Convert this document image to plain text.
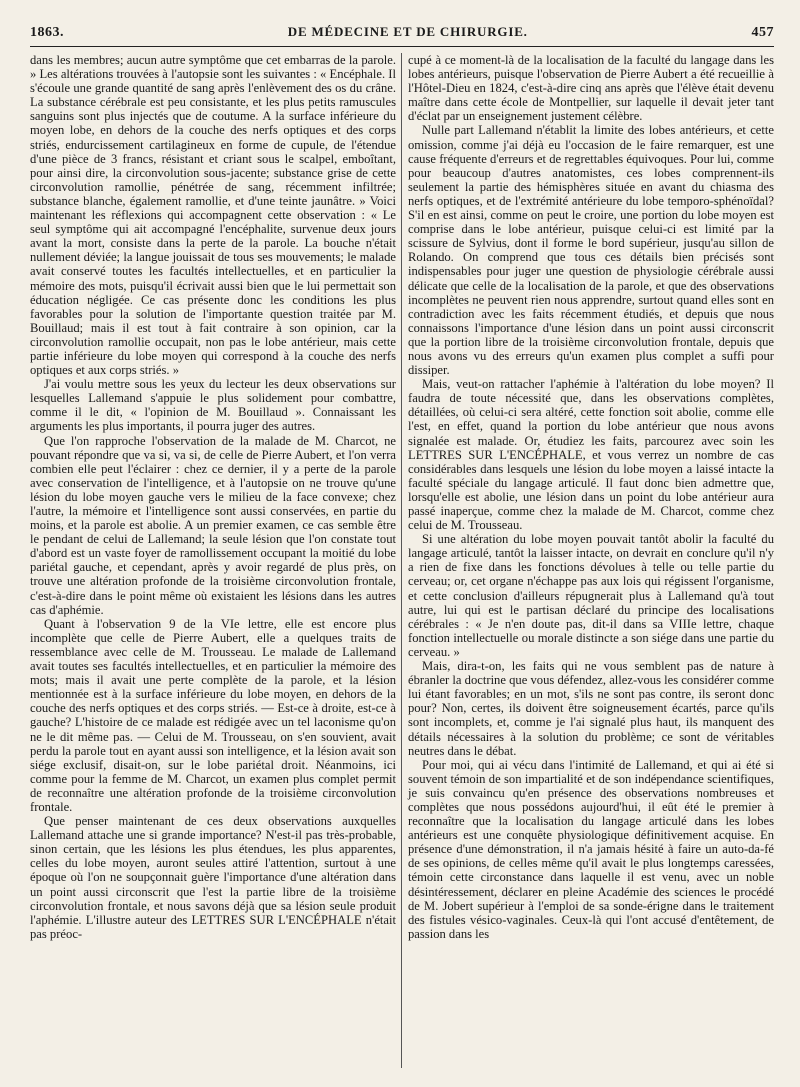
1863.	DE MÉDECINE ET DE CHIRURGIE.	457

dans les membres; aucun autre symptôme que cet embarras de la parole. » Les altérations trouvées à l'autopsie sont les suivantes : « Encéphale. Il s'écoule une grande quantité de sang après l'enlèvement des os du crâne. La substance cérébrale est peu consistante, et les plus petits ramuscules sanguins sont plus injectés que de coutume. A la surface inférieure du moyen lobe, en dehors de la couche des nerfs optiques et des corps striés, endurcissement cartilagineux en forme de cupule, de l'étendue d'une pièce de 3 francs, résistant et criant sous le scalpel, emboîtant, pour ainsi dire, la circonvolution sous-jacente; substance grise de cette circonvolution ramollie, pénétrée de sang, récemment infiltrée; substance blanche, également ramollie, et d'une teinte jaunâtre. » Voici maintenant les réflexions qui accompagnent cette observation : « Le seul symptôme qui ait accompagné l'encéphalite, survenue deux jours avant la mort, consiste dans la perte de la parole. La bouche n'était nullement déviée; la langue jouissait de tous ses mouvements; le malade avait conservé toutes les facultés intellectuelles, et en particulier la mémoire des mots, puisqu'il écrivait aussi bien que le lui permettait son éducation négligée. Ce cas présente donc les conditions les plus favorables pour la solution de l'importante question traitée par M. Bouillaud; mais il est tout à fait contraire à son opinion, car la circonvolution ramollie occupait, non pas le lobe antérieur, mais cette partie inférieure du lobe moyen qui correspond à la couche des nerfs optiques et aux corps striés. »

J'ai voulu mettre sous les yeux du lecteur les deux observations sur lesquelles Lallemand s'appuie le plus solidement pour combattre, comme il le dit, « l'opinion de M. Bouillaud ». Connaissant les arguments les plus importants, il pourra juger des autres.

Que l'on rapproche l'observation de la malade de M. Charcot, ne pouvant répondre que va si, va si, de celle de Pierre Aubert, et l'on verra combien elle peut l'éclairer : chez ce dernier, il y a perte de la parole avec conservation de l'intelligence, et à l'autopsie on ne trouve qu'une lésion du lobe moyen gauche vers le milieu de la face convexe; chez l'autre, la mémoire et l'intelligence sont aussi conservées, en partie du moins, et la parole est abolie. A un premier examen, ce cas semble être le pendant de celui de Lallemand; la seule lésion que l'on constate tout d'abord est un vaste foyer de ramollissement occupant la moitié du lobe pariétal gauche, et cependant, après y avoir regardé de plus près, on trouve une altération profonde de la troisième circonvolution frontale, c'est-à-dire dans le point même où existaient les lésions dans les autres cas d'aphémie.

Quant à l'observation 9 de la VIe lettre, elle est encore plus incomplète que celle de Pierre Aubert, elle a quelques traits de ressemblance avec celle de M. Trousseau. Le malade de Lallemand avait toutes ses facultés intellectuelles, et en particulier la mémoire des mots; mais il avait une perte complète de la parole, et la lésion mentionnée est à la surface inférieure du lobe moyen, en dehors de la couche des nerfs optiques et des corps striés. — Est-ce à droite, est-ce à gauche? L'histoire de ce malade est rédigée avec un tel laconisme qu'on ne le dit même pas. — Celui de M. Trousseau, on s'en souvient, avait perdu la parole tout en ayant aussi son intelligence, et la lésion avait son siége exclusif, disait-on, sur le lobe pariétal droit. Néanmoins, ici comme pour la femme de M. Charcot, un examen plus complet permit de reconnaître une altération profonde de la troisième circonvolution frontale.

Que penser maintenant de ces deux observations auxquelles Lallemand attache une si grande importance? N'est-il pas très-probable, sinon certain, que les lésions les plus étendues, les plus apparentes, celles du lobe moyen, auront seules attiré l'attention, surtout à une époque où l'on ne soupçonnait guère l'importance d'une altération dans un point aussi circonscrit que l'est la partie libre de la troisième circonvolution frontale, et nous savons déjà que sa lésion seule produit l'aphémie. L'illustre auteur des LETTRES SUR L'ENCÉPHALE n'était pas préoc-

cupé à ce moment-là de la localisation de la faculté du langage dans les lobes antérieurs, puisque l'observation de Pierre Aubert a été recueillie à l'Hôtel-Dieu en 1824, c'est-à-dire cinq ans après que l'élève était devenu maître dans cette école de Montpellier, sur laquelle il devait jeter tant d'éclat par un enseignement justement célèbre.

Nulle part Lallemand n'établit la limite des lobes antérieurs, et cette omission, comme j'ai déjà eu l'occasion de le faire remarquer, est une cause fréquente d'erreurs et de regrettables équivoques. Pour lui, comme pour beaucoup d'autres anatomistes, ces lobes comprennent-ils seulement la partie des hémisphères située en avant du chiasma des nerfs optiques, et de l'extrémité antérieure du lobe temporo-sphénoïdal? S'il en est ainsi, comme on peut le croire, une portion du lobe moyen est comprise dans le lobe antérieur, puisque celui-ci est limité par la scissure de Sylvius, dont il forme le bord supérieur, jusqu'au sillon de Rolando. On comprend que tous ces détails bien précisés sont indispensables pour juger une question de physiologie cérébrale aussi délicate que celle de la localisation de la parole, et que des observations incomplètes ne peuvent rien nous apprendre, surtout quand elles sont en contradiction avec les faits récemment étudiés, et depuis que nous connaissons l'importance d'une lésion dans un point aussi circonscrit que la portion libre de la troisième circonvolution frontale, depuis que nous avons vu des erreurs qu'un examen plus complet a suffi pour dissiper.

Mais, veut-on rattacher l'aphémie à l'altération du lobe moyen? Il faudra de toute nécessité que, dans les observations complètes, détaillées, où celui-ci sera altéré, cette fonction soit abolie, comme elle l'est, en effet, quand la portion du lobe antérieur que nous avons signalée est malade. Or, étudiez les faits, parcourez avec soin les LETTRES SUR L'ENCÉPHALE, et vous verrez un nombre de cas considérables dans lesquels une lésion du lobe moyen a laissé intacte la faculté spéciale du langage articulé. Il faut donc bien admettre que, lorsqu'elle est abolie, une lésion dans un point du lobe antérieur aura passé inaperçue, comme chez la malade de M. Charcot, comme chez celui de M. Trousseau.

Si une altération du lobe moyen pouvait tantôt abolir la faculté du langage articulé, tantôt la laisser intacte, on devrait en conclure qu'il n'y a rien de fixe dans les fonctions dévolues à telle ou telle partie du cerveau; or, cet organe n'échappe pas aux lois qui régissent l'organisme, et cette conclusion d'ailleurs répugnerait plus à Lallemand qu'à tout autre, lui qui est le partisan déclaré du principe des localisations cérébrales : « Je n'en doute pas, dit-il dans sa VIIIe lettre, chaque fonction intellectuelle ou morale distincte a son siége dans une partie du cerveau. »

Mais, dira-t-on, les faits qui ne vous semblent pas de nature à ébranler la doctrine que vous défendez, allez-vous les considérer comme lui étant favorables; en un mot, s'ils ne sont pas contre, ils seront donc pour? Non, certes, ils doivent être soigneusement écartés, parce qu'ils sont incomplets, et, comme je l'ai signalé plus haut, ils manquent des détails nécessaires à la solution du problème; ce sont de véritables neutres dans le débat.

Pour moi, qui ai vécu dans l'intimité de Lallemand, et qui ai été si souvent témoin de son impartialité et de son indépendance scientifiques, je suis convaincu qu'en présence des observations nombreuses et complètes que nous possédons aujourd'hui, il eût été le premier à reconnaître que la localisation du langage articulé dans les lobes antérieurs est une conquête physiologique définitivement acquise. En présence d'une démonstration, il n'a jamais hésité à faire un auto-da-fé de ses opinions, de celles même qu'il avait le plus longtemps caressées, témoin cette circonstance dans laquelle il est venu, avec un noble désintéressement, déclarer en pleine Académie des sciences le procédé de M. Jobert supérieur à l'emploi de sa sonde-érigne dans le traitement des fistules vésico-vaginales. Ceux-là qui l'ont accusé d'entêtement, de passion dans les
